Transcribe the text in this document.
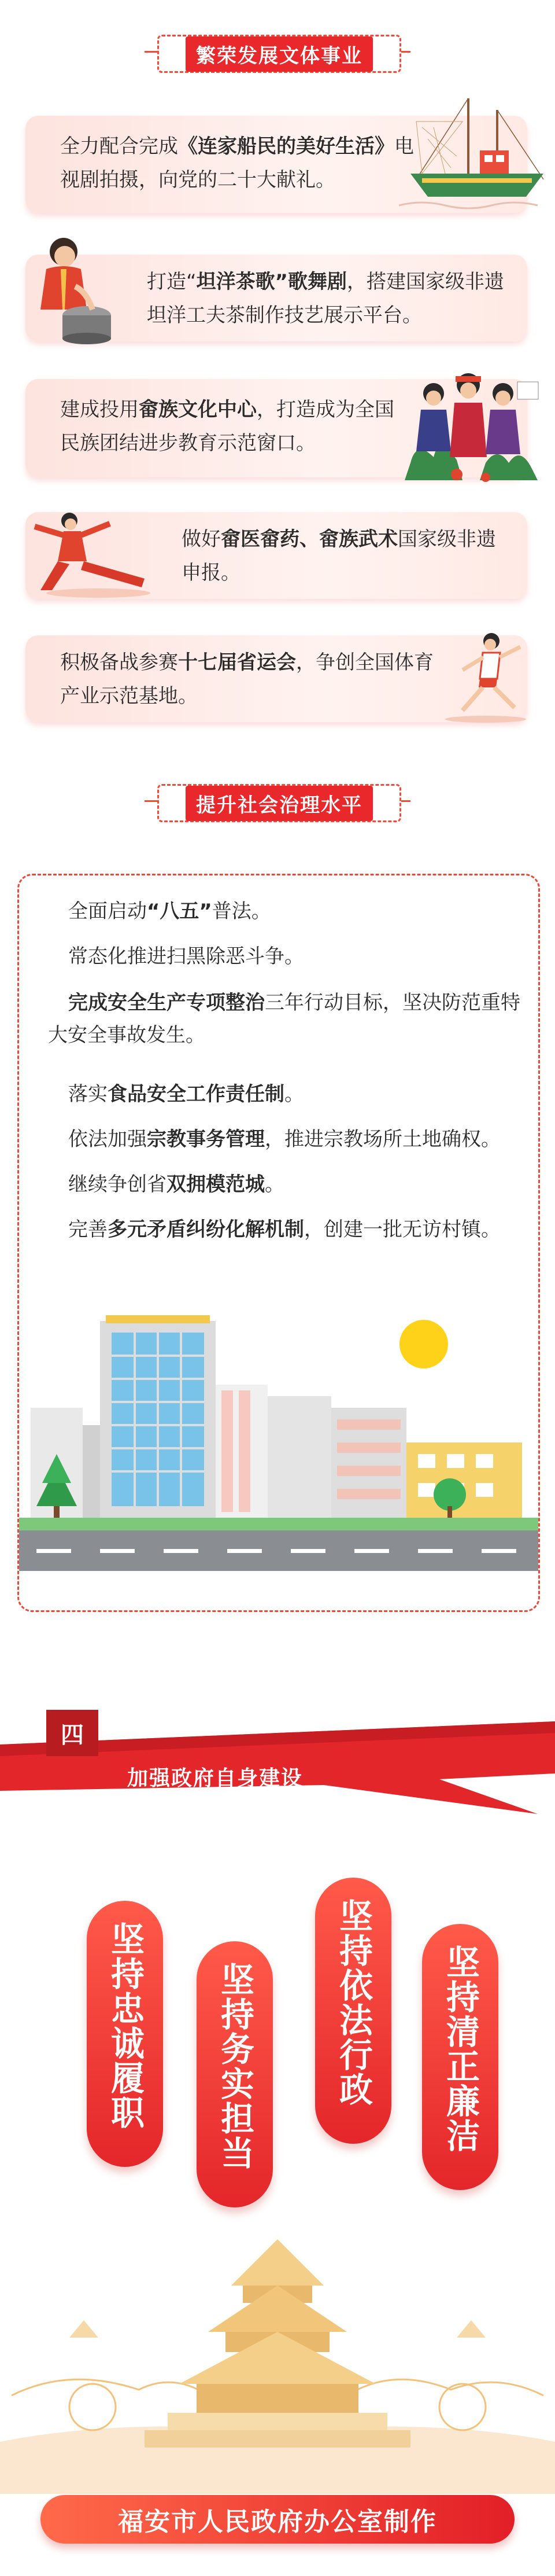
繁荣发展文体事业
全力配合完成《连家船民的美好生活》电视剧拍摄，向党的二十大献礼。
打造“坦洋茶歌”歌舞剧，搭建国家级非遗坦洋工夫茶制作技艺展示平台。
建成投用畲族文化中心，打造成为全国民族团结进步教育示范窗口。
做好畲医畲药、畲族武术国家级非遗申报。
积极备战参赛十七届省运会，争创全国体育产业示范基地。
提升社会治理水平
全面启动“八五”普法。
常态化推进扫黑除恶斗争。
完成安全生产专项整治三年行动目标，坚决防范重特大安全事故发生。
落实食品安全工作责任制。
依法加强宗教事务管理，推进宗教场所土地确权。
继续争创省双拥模范城。
完善多元矛盾纠纷化解机制，创建一批无访村镇。
四
加强政府自身建设
坚持忠诚履职 坚持务实担当 坚持依法行政 坚持清正廉洁
福安市人民政府办公室制作
